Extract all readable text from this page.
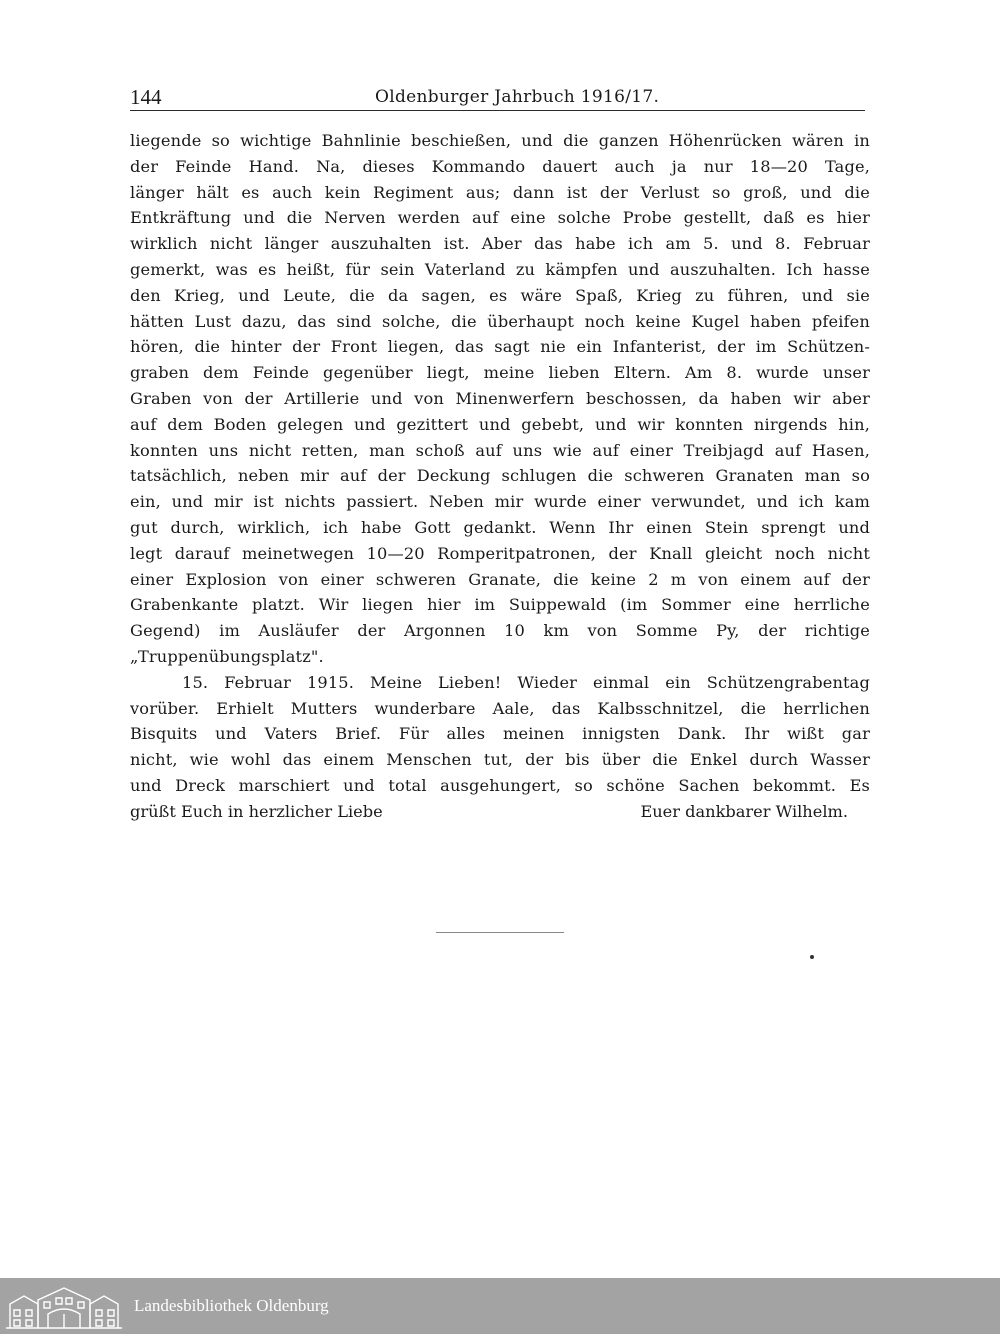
144	Oldenburger Jahrbuch 1916/17.
liegende so wichtige Bahnlinie beschießen, und die ganzen Höhenrücken wären in
der Feinde Hand. Na, dieses Kommando dauert auch ja nur 18—20 Tage,
länger hält es auch kein Regiment aus; dann ist der Verlust so groß, und die
Entkräftung und die Nerven werden auf eine solche Probe gestellt, daß es hier
wirklich nicht länger auszuhalten ist. Aber das habe ich am 5. und 8. Februar
gemerkt, was es heißt, für sein Vaterland zu kämpfen und auszuhalten. Ich hasse
den Krieg, und Leute, die da sagen, es wäre Spaß, Krieg zu führen, und sie
hätten Lust dazu, das sind solche, die überhaupt noch keine Kugel haben pfeifen
hören, die hinter der Front liegen, das sagt nie ein Infanterist, der im Schützen-
graben dem Feinde gegenüber liegt, meine lieben Eltern. Am 8. wurde unser
Graben von der Artillerie und von Minenwerfern beschossen, da haben wir aber
auf dem Boden gelegen und gezittert und gebebt, und wir konnten nirgends hin,
konnten uns nicht retten, man schoß auf uns wie auf einer Treibjagd auf Hasen,
tatsächlich, neben mir auf der Deckung schlugen die schweren Granaten man so
ein, und mir ist nichts passiert. Neben mir wurde einer verwundet, und ich kam
gut durch, wirklich, ich habe Gott gedankt. Wenn Ihr einen Stein sprengt und
legt darauf meinetwegen 10—20 Romperitpatronen, der Knall gleicht noch nicht
einer Explosion von einer schweren Granate, die keine 2 m von einem auf der
Grabenkante platzt. Wir liegen hier im Suippewald (im Sommer eine herrliche
Gegend) im Ausläufer der Argonnen 10 km von Somme Py, der richtige
„Truppenübungsplatz".
15. Februar 1915. Meine Lieben! Wieder einmal ein Schützengrabentag
vorüber. Erhielt Mutters wunderbare Aale, das Kalbsschnitzel, die herrlichen
Bisquits und Vaters Brief. Für alles meinen innigsten Dank. Ihr wißt gar
nicht, wie wohl das einem Menschen tut, der bis über die Enkel durch Wasser
und Dreck marschiert und total ausgehungert, so schöne Sachen bekommt. Es
grüßt Euch in herzlicher Liebe	Euer dankbarer Wilhelm.
Landesbibliothek Oldenburg
